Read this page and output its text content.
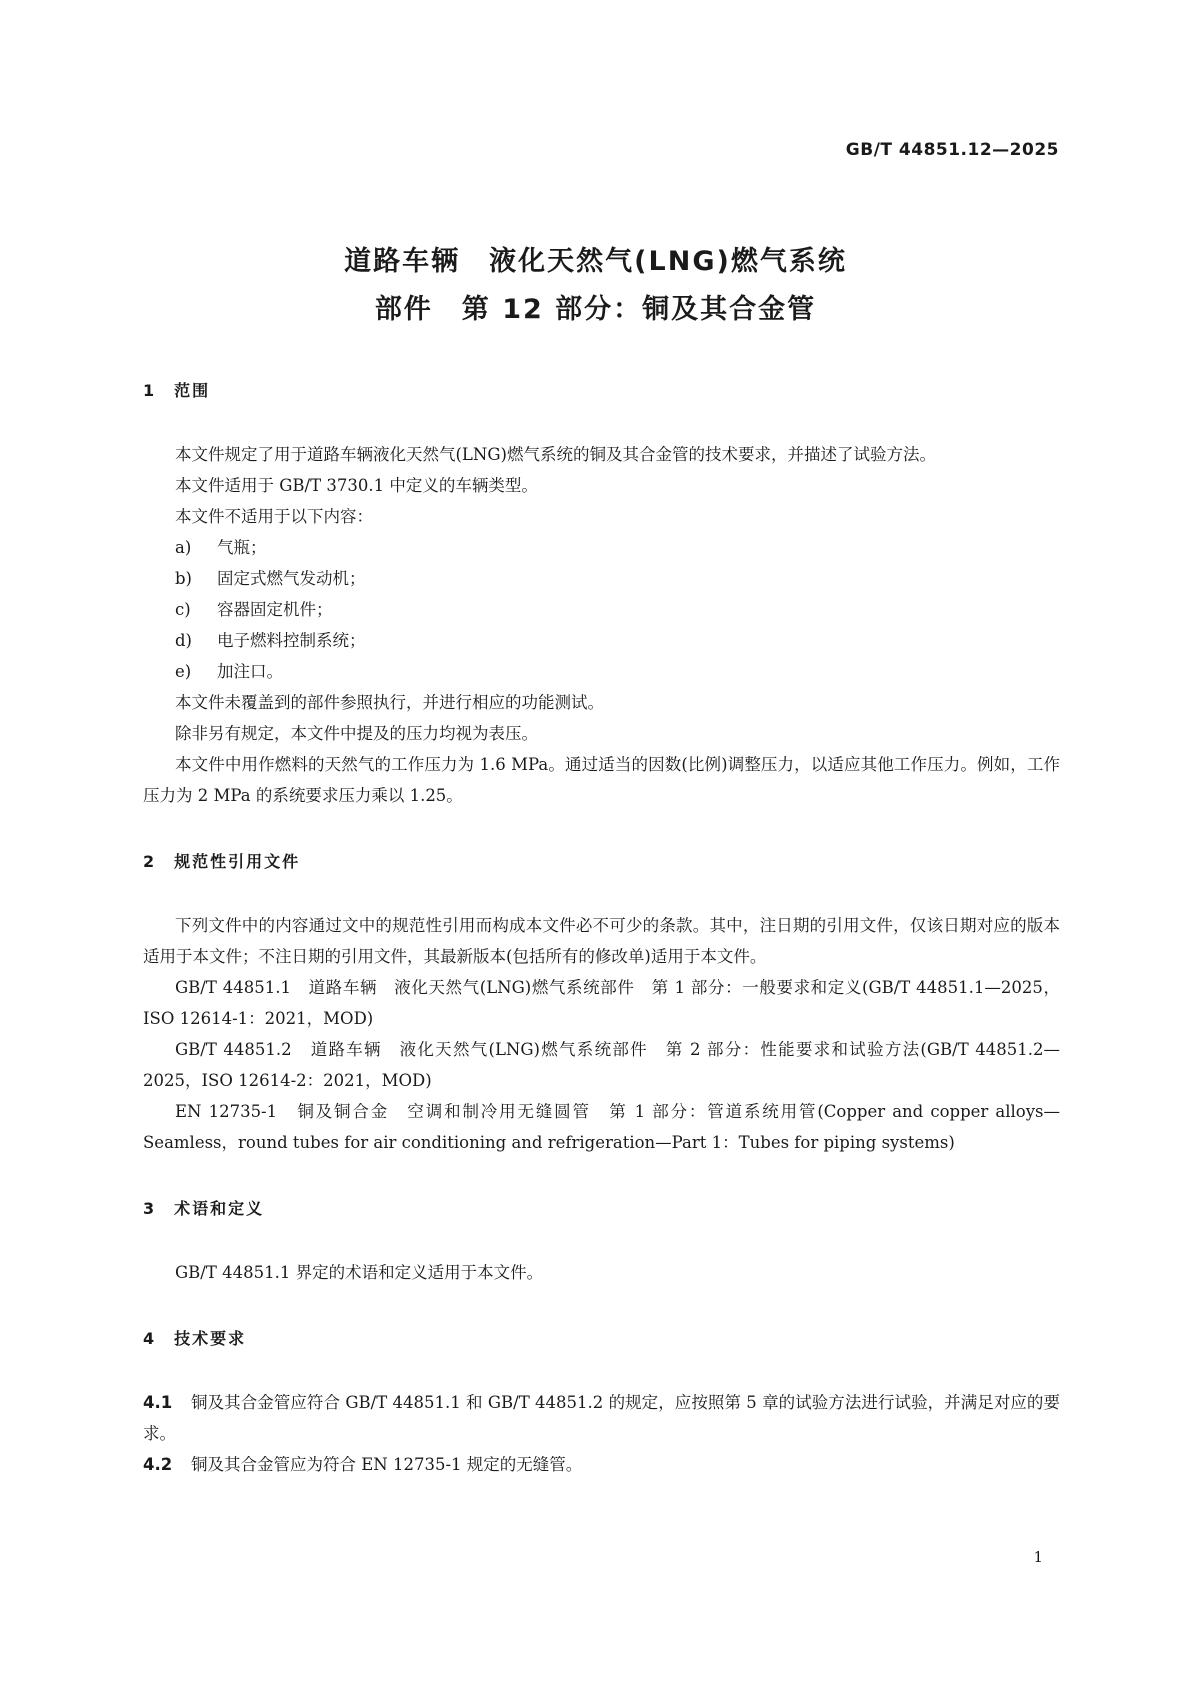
GB/T 44851.12—2025
道路车辆　液化天然气(LNG)燃气系统
部件　第 12 部分：铜及其合金管
1　范围

本文件规定了用于道路车辆液化天然气(LNG)燃气系统的铜及其合金管的技术要求，并描述了试验方法。

本文件适用于 GB/T 3730.1 中定义的车辆类型。

本文件不适用于以下内容：

a) 气瓶；

b) 固定式燃气发动机；

c) 容器固定机件；

d) 电子燃料控制系统；

e) 加注口。

本文件未覆盖到的部件参照执行，并进行相应的功能测试。

除非另有规定，本文件中提及的压力均视为表压。

本文件中用作燃料的天然气的工作压力为 1.6 MPa。通过适当的因数(比例)调整压力，以适应其他工作压力。例如，工作压力为 2 MPa 的系统要求压力乘以 1.25。

2　规范性引用文件

下列文件中的内容通过文中的规范性引用而构成本文件必不可少的条款。其中，注日期的引用文件，仅该日期对应的版本适用于本文件；不注日期的引用文件，其最新版本(包括所有的修改单)适用于本文件。

GB/T 44851.1　道路车辆　液化天然气(LNG)燃气系统部件　第 1 部分：一般要求和定义(GB/T 44851.1—2025，ISO 12614-1：2021，MOD)

GB/T 44851.2　道路车辆　液化天然气(LNG)燃气系统部件　第 2 部分：性能要求和试验方法(GB/T 44851.2—2025，ISO 12614-2：2021，MOD)

EN 12735-1　铜及铜合金　空调和制冷用无缝圆管　第 1 部分：管道系统用管(Copper and copper alloys—Seamless，round tubes for air conditioning and refrigeration—Part 1：Tubes for piping systems)

3　术语和定义

GB/T 44851.1 界定的术语和定义适用于本文件。

4　技术要求

4.1 铜及其合金管应符合 GB/T 44851.1 和 GB/T 44851.2 的规定，应按照第 5 章的试验方法进行试验，并满足对应的要求。

4.2 铜及其合金管应为符合 EN 12735-1 规定的无缝管。

1
